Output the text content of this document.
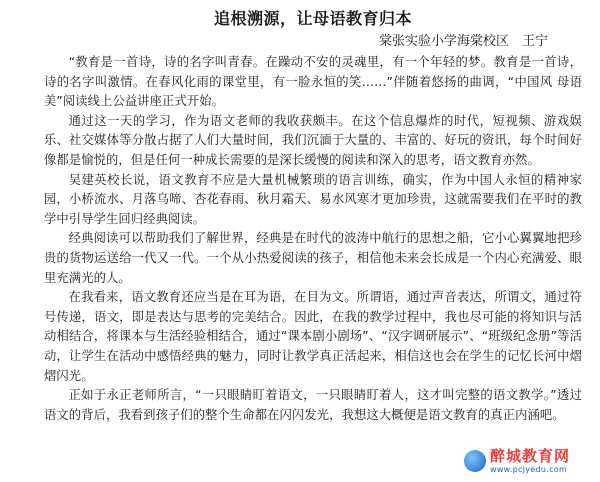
追根溯源，让母语教育归本
棠张实验小学海棠校区　王宁

“教育是一首诗，诗的名字叫青春。在躁动不安的灵魂里，有一个年轻的梦。教育是一首诗，诗的名字叫激情。在春风化雨的课堂里，有一脸永恒的笑……”伴随着悠扬的曲调，“中国风 母语美”阅读线上公益讲座正式开始。

通过这一天的学习，作为语文老师的我收获颇丰。在这个信息爆炸的时代，短视频、游戏娱乐、社交媒体等分散占据了人们大量时间，我们沉湎于大量的、丰富的、好玩的资讯，每个时间好像都是愉悦的，但是任何一种成长需要的是深长缓慢的阅读和深入的思考，语文教育亦然。

吴建英校长说，语文教育不应是大量机械繁琐的语言训练，确实，作为中国人永恒的精神家园，小桥流水、月落乌啼、杏花春雨、秋月霜天、易水风寒才更加珍贵，这就需要我们在平时的教学中引导学生回归经典阅读。

经典阅读可以帮助我们了解世界，经典是在时代的波涛中航行的思想之船，它小心翼翼地把珍贵的货物运送给一代又一代。一个从小热爱阅读的孩子，相信他未来会长成是一个内心充满爱、眼里充满光的人。

在我看来，语文教育还应当是在耳为语，在目为文。所谓语，通过声音表达，所谓文，通过符号传递，语文，即是表达与思考的完美结合。因此，在我的教学过程中，我也尽可能的将知识与活动相结合，将课本与生活经验相结合，通过“课本剧小剧场”、“汉字调研展示”、“班级纪念册”等活动，让学生在活动中感悟经典的魅力，同时让教学真正活起来，相信这也会在学生的记忆长河中熠熠闪光。

正如于永正老师所言，“一只眼睛盯着语文，一只眼睛盯着人，这才叫完整的语文教学。”透过语文的背后，我看到孩子们的整个生命都在闪闪发光，我想这大概便是语文教育的真正内涵吧。

醉城教育网
www.pcjyedu.com
